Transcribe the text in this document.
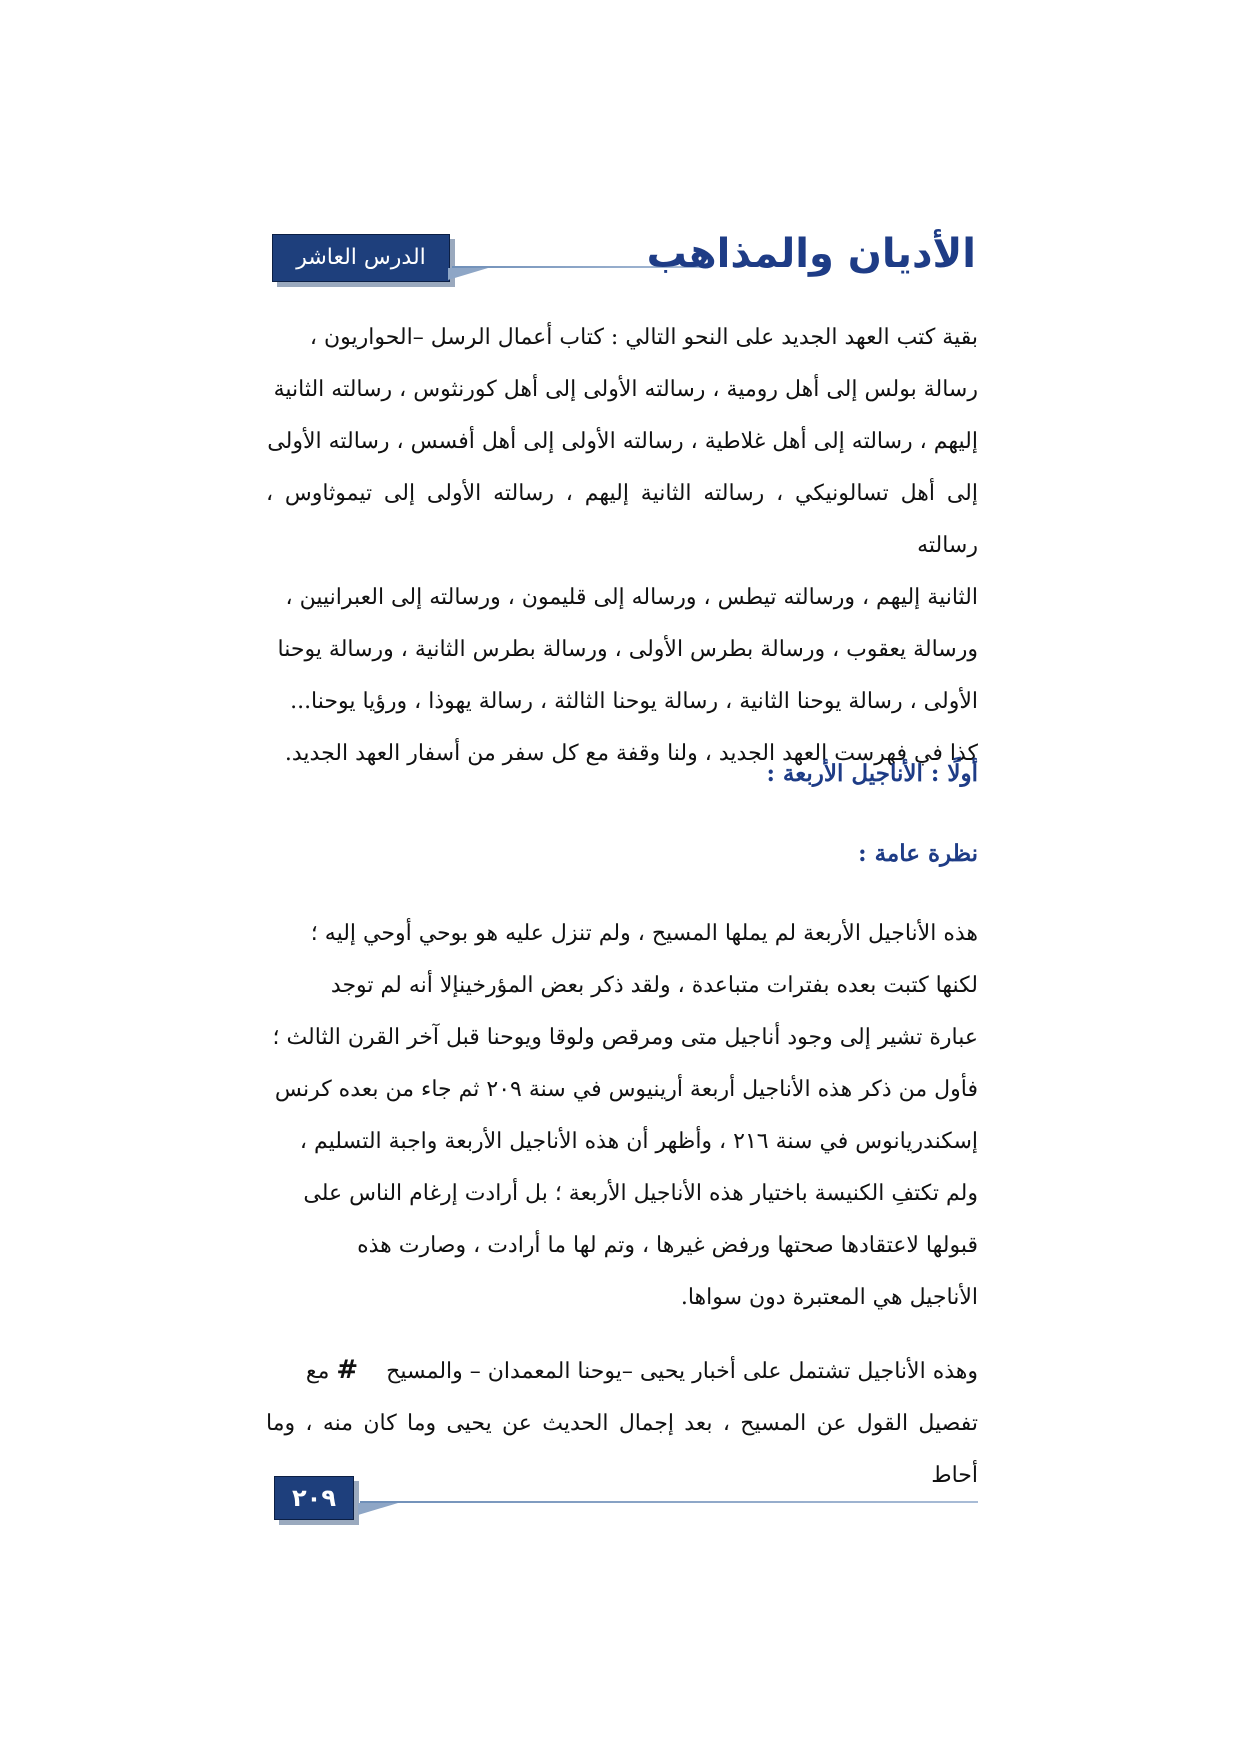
الدرس العاشر	الأديان والمذاهب

بقية كتب العهد الجديد على النحو التالي : كتاب أعمال الرسل –الحواريون ،

رسالة بولس إلى أهل رومية ، رسالته الأولى إلى أهل كورنثوس ، رسالته الثانية

إليهم ، رسالته إلى أهل غلاطية ، رسالته الأولى إلى أهل أفسس ، رسالته الأولى

إلى أهل تسالونيكي ، رسالته الثانية إليهم ، رسالته الأولى إلى تيموثاوس ، رسالته

الثانية إليهم ، ورسالته تيطس ، ورساله إلى قليمون ، ورسالته إلى العبرانيين ،

ورسالة يعقوب ، ورسالة بطرس الأولى ، ورسالة بطرس الثانية ، ورسالة يوحنا

الأولى ، رسالة يوحنا الثانية ، رسالة يوحنا الثالثة ، رسالة يهوذا ، ورؤيا يوحنا...

كذا في فهرست العهد الجديد ، ولنا وقفة مع كل سفر من أسفار العهد الجديد.

أولًا : الأناجيل الأربعة :
نظرة عامة :

هذه الأناجيل الأربعة لم يملها المسيح ، ولم تنزل عليه هو بوحي أوحي إليه ؛

لكنها كتبت بعده بفترات متباعدة ، ولقد ذكر بعض المؤرخينإلا أنه لم توجد

عبارة تشير إلى وجود أناجيل متى ومرقص ولوقا ويوحنا قبل آخر القرن الثالث ؛

فأول من ذكر هذه الأناجيل أربعة أرينيوس في سنة ٢٠٩ ثم جاء من بعده كرنس

إسكندريانوس في سنة ٢١٦ ، وأظهر أن هذه الأناجيل الأربعة واجبة التسليم ،

ولم تكتفِ الكنيسة باختيار هذه الأناجيل الأربعة ؛ بل أرادت إرغام الناس على

قبولها لاعتقادها صحتها ورفض غيرها ، وتم لها ما أرادت ، وصارت هذه

الأناجيل هي المعتبرة دون سواها.

وهذه الأناجيل تشتمل على أخبار يحيى –يوحنا المعمدان – والمسيح    # مع

تفصيل القول عن المسيح ، بعد إجمال الحديث عن يحيى وما كان منه ، وما أحاط

٢٠٩
